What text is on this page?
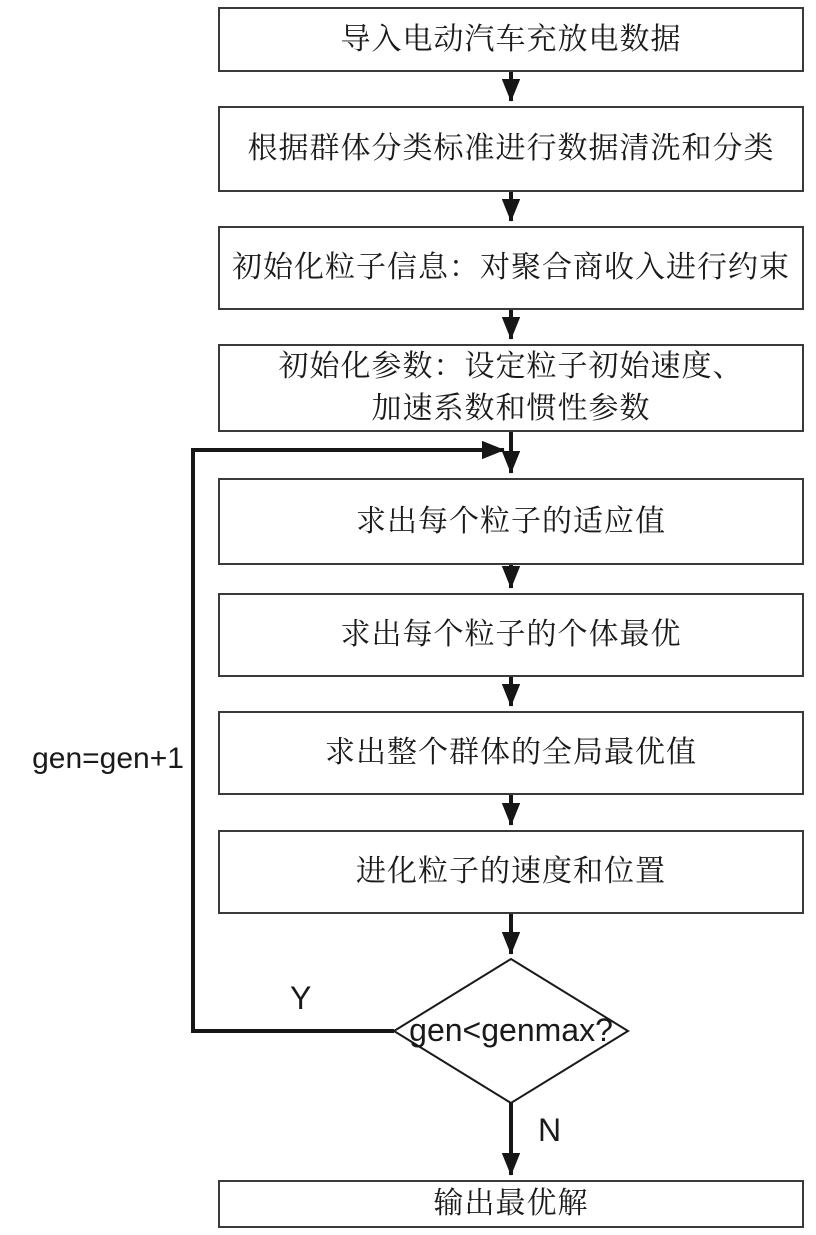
导入电动汽车充放电数据
根据群体分类标准进行数据清洗和分类
初始化粒子信息：对聚合商收入进行约束
初始化参数：设定粒子初始速度、
加速系数和惯性参数
求出每个粒子的适应值
求出每个粒子的个体最优
求出整个群体的全局最优值
进化粒子的速度和位置
输出最优解
gen<genmax?
gen=gen+1
Y
N
